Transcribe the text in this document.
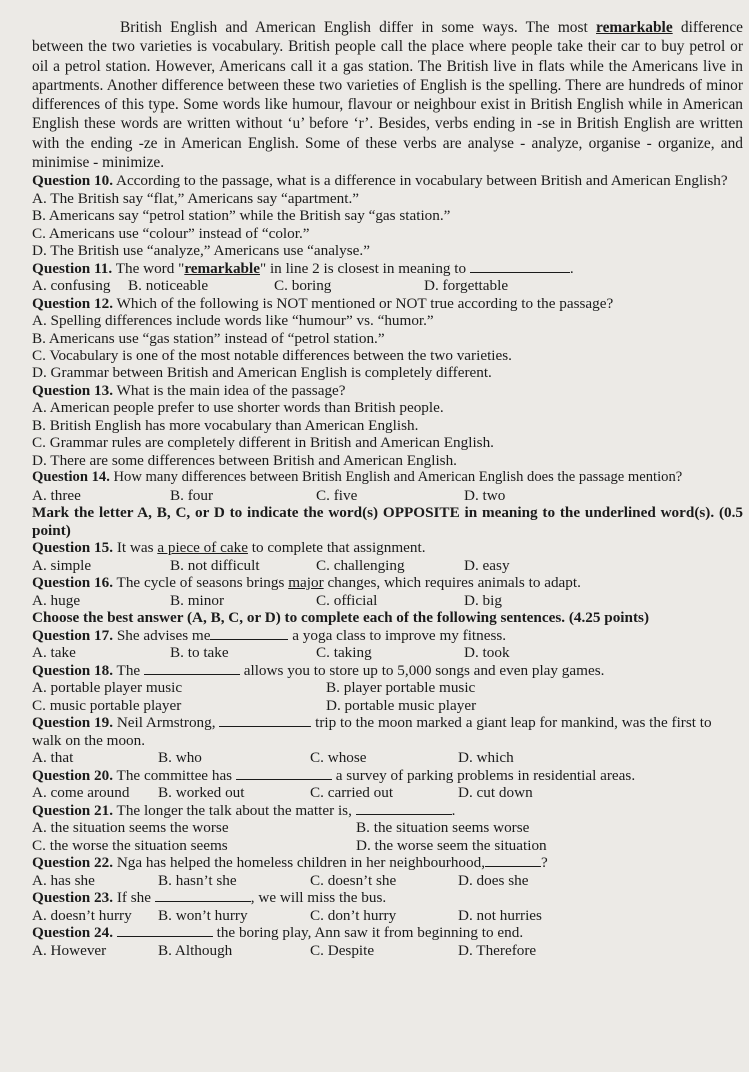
British English and American English differ in some ways. The most remarkable difference between the two varieties is vocabulary. British people call the place where people take their car to buy petrol or oil a petrol station. However, Americans call it a gas station. The British live in flats while the Americans live in apartments. Another difference between these two varieties of English is the spelling. There are hundreds of minor differences of this type. Some words like humour, flavour or neighbour exist in British English while in American English these words are written without ‘u’ before ‘r’. Besides, verbs ending in -se in British English are written with the ending -ze in American English. Some of these verbs are analyse - analyze, organise - organize, and minimise - minimize.

Question 10. According to the passage, what is a difference in vocabulary between British and American English?
A. The British say “flat,” Americans say “apartment.”
B. Americans say “petrol station” while the British say “gas station.”
C. Americans use “colour” instead of “color.”
D. The British use “analyze,” Americans use “analyse.”
Question 11. The word "remarkable" in line 2 is closest in meaning to	.
A. confusing	B. noticeable	C. boring	D. forgettable
Question 12. Which of the following is NOT mentioned or NOT true according to the passage?
A. Spelling differences include words like “humour” vs. “humor.”
B. Americans use “gas station” instead of “petrol station.”
C. Vocabulary is one of the most notable differences between the two varieties.
D. Grammar between British and American English is completely different.
Question 13. What is the main idea of the passage?
A. American people prefer to use shorter words than British people.
B. British English has more vocabulary than American English.
C. Grammar rules are completely different in British and American English.
D. There are some differences between British and American English.
Question 14. How many differences between British English and American English does the passage mention?
A. three	B. four	C. five	D. two
Mark the letter A, B, C, or D to indicate the word(s) OPPOSITE in meaning to the underlined word(s). (0.5 point)
Question 15. It was a piece of cake to complete that assignment.
A. simple	B. not difficult	C. challenging	D. easy
Question 16. The cycle of seasons brings major changes, which requires animals to adapt.
A. huge	B. minor	C. official	D. big
Choose the best answer (A, B, C, or D) to complete each of the following sentences. (4.25 points)
Question 17. She advises me	a yoga class to improve my fitness.
A. take	B. to take	C. taking	D. took
Question 18. The	allows you to store up to 5,000 songs and even play games.
A. portable player music	B. player portable music
C. music portable player	D. portable music player
Question 19. Neil Armstrong,	trip to the moon marked a giant leap for mankind, was the first to walk on the moon.
A. that	B. who	C. whose	D. which
Question 20. The committee has	a survey of parking problems in residential areas.
A. come around	B. worked out	C. carried out	D. cut down
Question 21. The longer the talk about the matter is,	.
A. the situation seems the worse	B. the situation seems worse
C. the worse the situation seems	D. the worse seem the situation
Question 22. Nga has helped the homeless children in her neighbourhood,	?
A. has she	B. hasn’t she	C. doesn’t she	D. does she
Question 23. If she	, we will miss the bus.
A. doesn’t hurry	B. won’t hurry	C. don’t hurry	D. not hurries
Question 24.	the boring play, Ann saw it from beginning to end.
A. However	B. Although	C. Despite	D. Therefore
